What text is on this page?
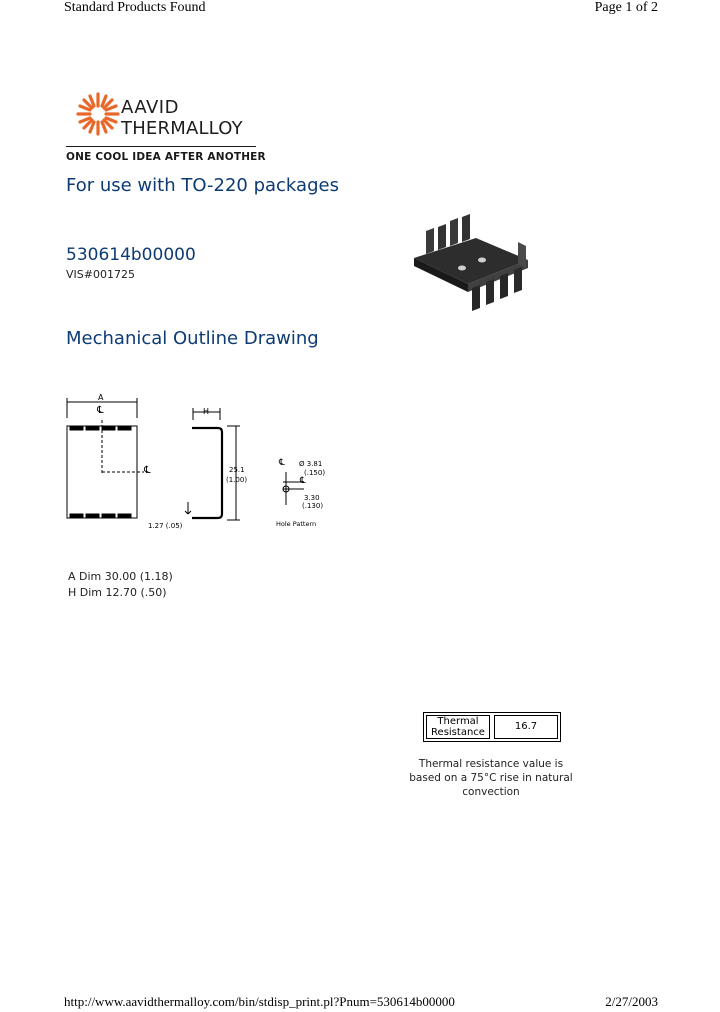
Standard Products Found	Page 1 of 2
AAVID
THERMALLOY
ONE COOL IDEA AFTER ANOTHER
For use with TO-220 packages
530614b00000
VIS#001725
Mechanical Outline Drawing
A
℄
℄
H
25.1
(1.00)
1.27 (.05)
℄ Ø 3.81
(.150)
℄
3.30
(.130)
Hole Pattern
A Dim 30.00 (1.18)
H Dim 12.70 (.50)
Thermal
Resistance
16.7
Thermal resistance value is based on a 75°C rise in natural convection
http://www.aavidthermalloy.com/bin/stdisp_print.pl?Pnum=530614b00000	2/27/2003
